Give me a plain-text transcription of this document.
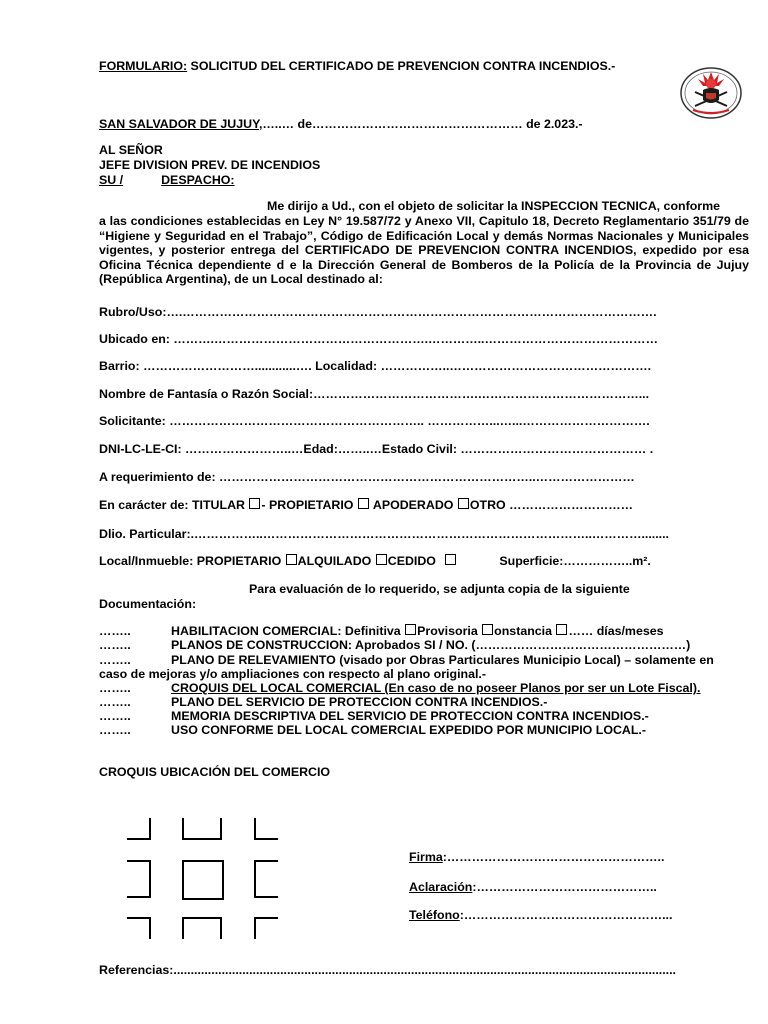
FORMULARIO: SOLICITUD DEL CERTIFICADO DE PREVENCION CONTRA INCENDIOS.-
SAN SALVADOR DE JUJUY,…..… de…………………………………………… de 2.023.-
AL SEÑOR
JEFE DIVISION PREV. DE INCENDIOS
SU /	DESPACHO:
Me dirijo a Ud., con el objeto de solicitar la INSPECCION TECNICA, conforme
a las condiciones establecidas en Ley N° 19.587/72 y Anexo VII, Capitulo 18, Decreto Reglamentario 351/79 de “Higiene y Seguridad en el Trabajo”, Código de Edificación Local y demás Normas Nacionales y Municipales vigentes, y posterior entrega del CERTIFICADO DE PREVENCION CONTRA INCENDIOS, expedido por esa Oficina Técnica dependiente d e la Dirección General de Bomberos de la Policía de la Provincia de Jujuy (República Argentina), de un Local destinado al:
Rubro/Uso:….…………………………………………………………………………………………………….
Ubicado en: ……….…………………………………………….…………..……………………………………
Barrio: ………………………............…. Localidad: ……………..………………………………………….
Nombre de Fantasía o Razón Social:………………………………….…………………………………...
Solicitante: …………………………………………………….. ……………...…...………………………….
DNI-LC-LE-CI: ……………………..…Edad:……..…Estado Civil: ……………………………………… .
A requerimiento de: …………………………………………………………………..……………………
En carácter de: TITULAR - PROPIETARIO  APODERADO OTRO …………………………
Dlio. Particular:.……………..……………………………………………………………………..…………........
Local/Inmueble: PROPIETARIO ALQUILADO CEDIDO	Superficie:……………..m².
Para evaluación de lo requerido, se adjunta copia de la siguiente
Documentación:
……..	HABILITACION COMERCIAL: Definitiva Provisoria onstancia …… días/meses
……..	PLANOS DE CONSTRUCCION: Aprobados SI / NO. (……………………………………………)
……..	PLANO DE RELEVAMIENTO (visado por Obras Particulares Municipio Local) – solamente en
caso de mejoras y/o ampliaciones con respecto al plano original.-
……..	CROQUIS DEL LOCAL COMERCIAL (En caso de no poseer Planos por ser un Lote Fiscal).
……..	PLANO DEL SERVICIO DE PROTECCION CONTRA INCENDIOS.-
……..	MEMORIA DESCRIPTIVA DEL SERVICIO DE PROTECCION CONTRA INCENDIOS.-
……..	USO CONFORME DEL LOCAL COMERCIAL EXPEDIDO POR MUNICIPIO LOCAL.-
CROQUIS UBICACIÓN DEL COMERCIO
Firma:……………………………………………..
Aclaración:……………………………………..
Teléfono:…………………………………………...
Referencias:..................................................................................................................................................
